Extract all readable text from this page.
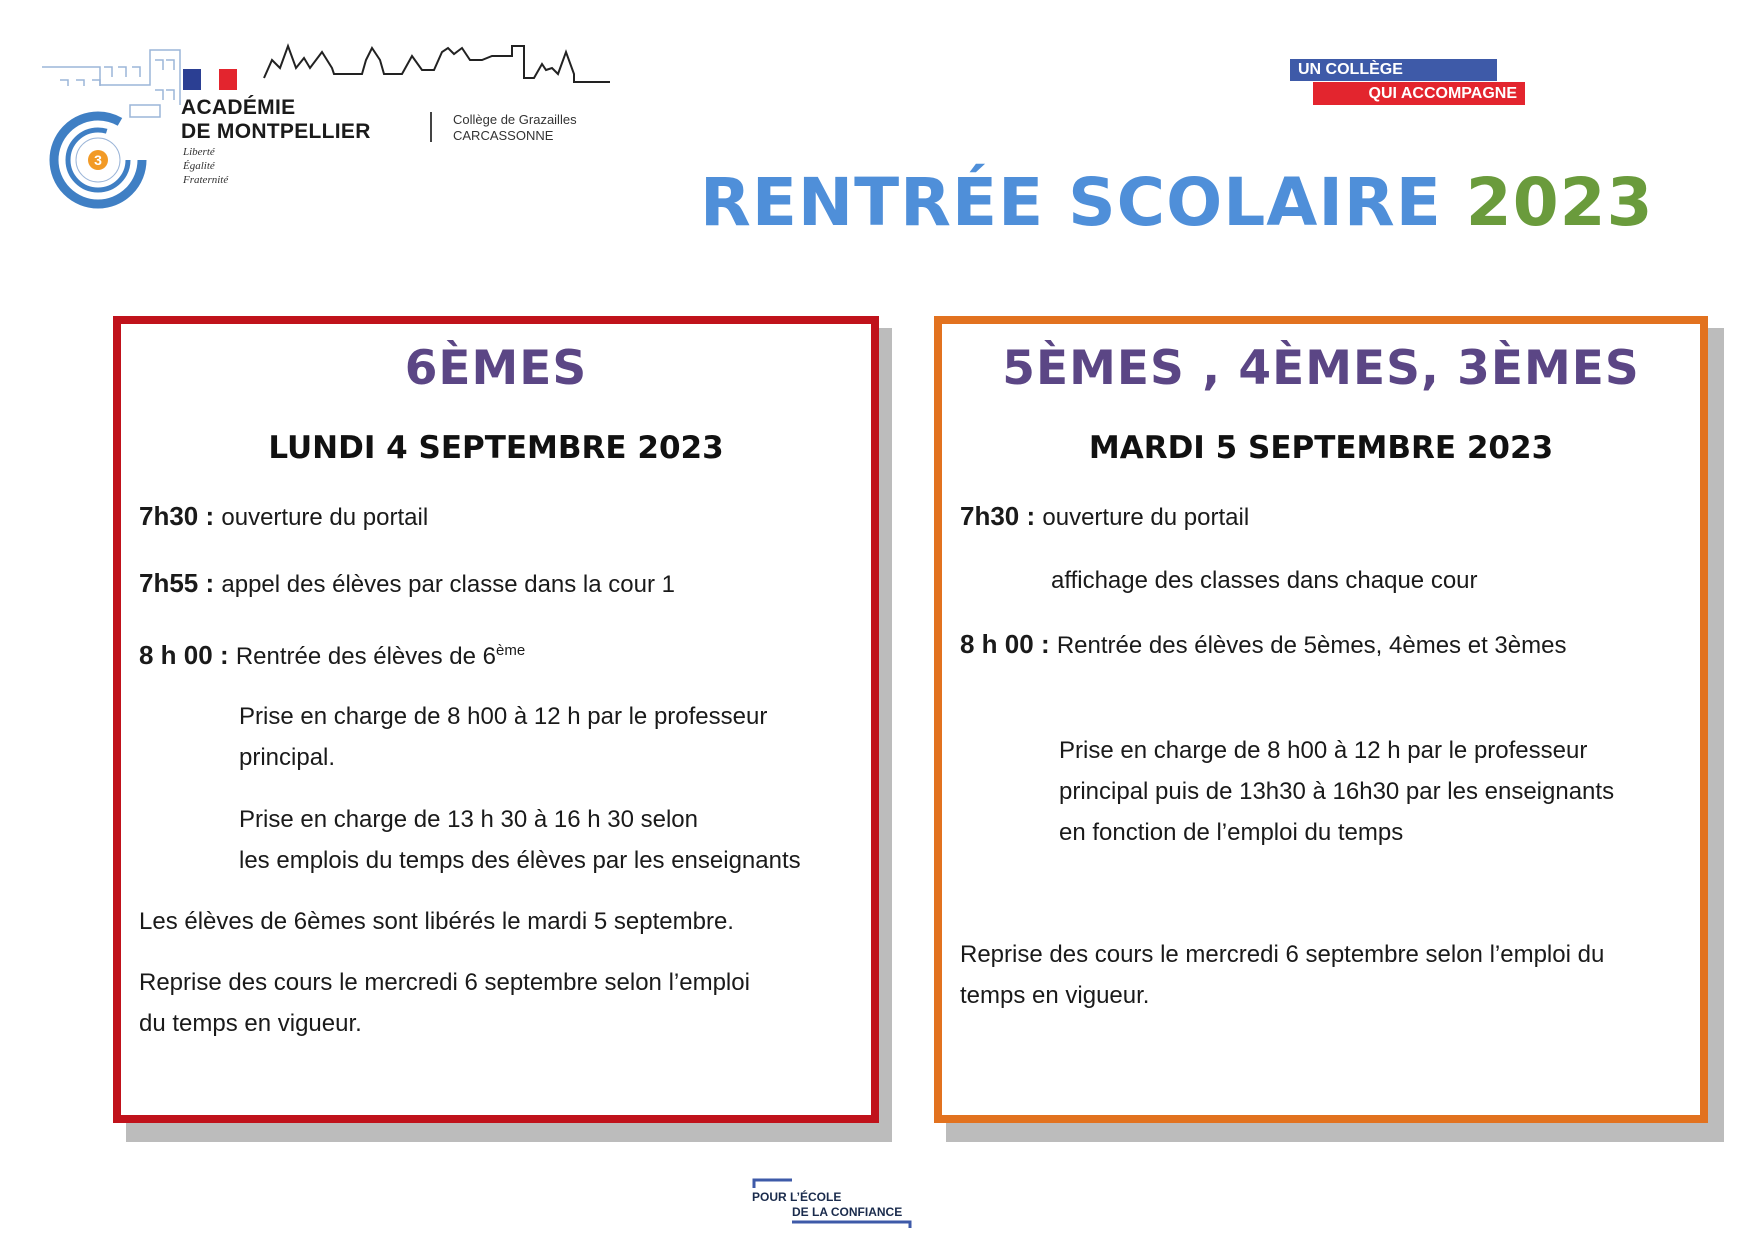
3
ACADÉMIE
DE MONTPELLIER
Liberté
Égalité
Fraternité
Collège de Grazailles
CARCASSONNE
UN COLLÈGE
QUI ACCOMPAGNE
RENTRÉE SCOLAIRE 2023
6ÈMES
LUNDI 4 SEPTEMBRE 2023
7h30 : ouverture du portail
7h55 : appel des élèves par classe dans la cour 1
8 h 00 : Rentrée des élèves de 6ème
Prise en charge de 8 h00 à 12 h par le professeur
principal.
Prise en charge de 13 h 30 à 16 h 30 selon
les emplois du temps des élèves par les enseignants
Les élèves de 6èmes sont libérés le mardi 5 septembre.
Reprise des cours le mercredi 6 septembre selon l’emploi
du temps en vigueur.
5ÈMES , 4ÈMES, 3ÈMES
MARDI 5 SEPTEMBRE 2023
7h30 : ouverture du portail
affichage des classes dans chaque cour
8 h 00 : Rentrée des élèves de 5èmes, 4èmes et 3èmes
Prise en charge de 8 h00 à 12 h par le professeur
principal puis de 13h30 à 16h30 par les enseignants
en fonction de l’emploi du temps
Reprise des cours le mercredi 6 septembre selon l’emploi du
temps en vigueur.
POUR L’ÉCOLE
DE LA CONFIANCE
